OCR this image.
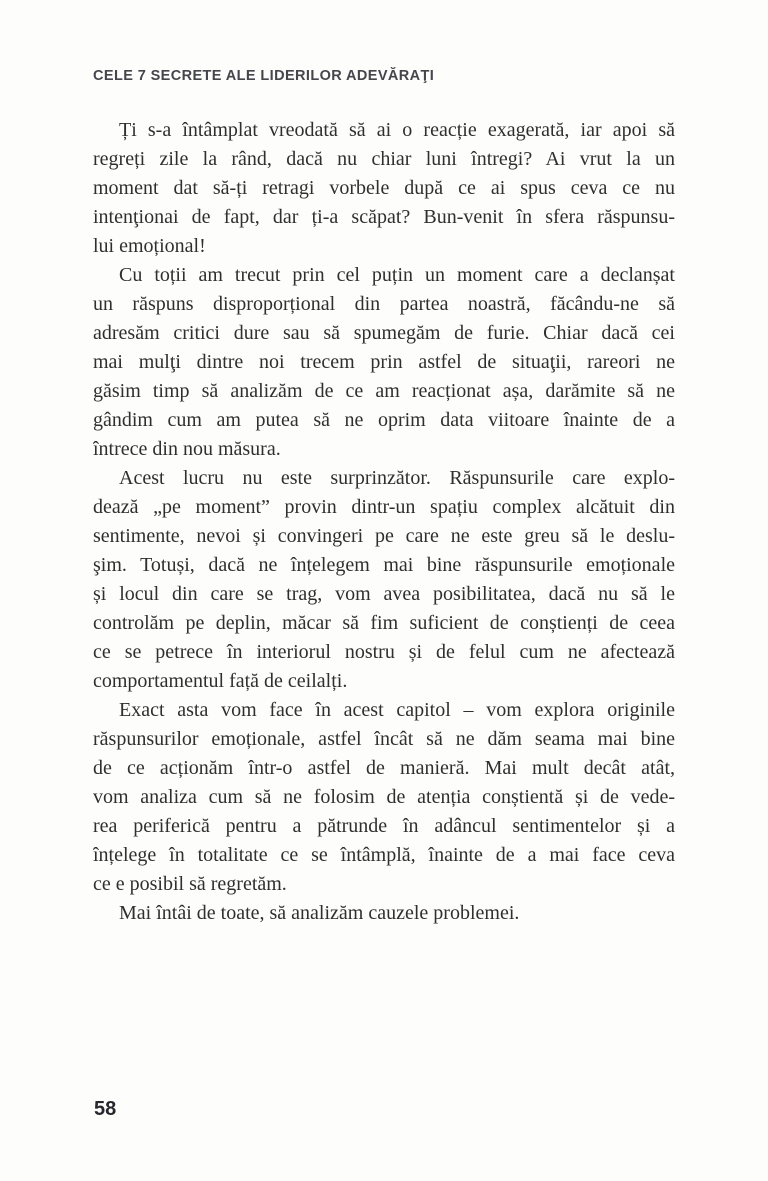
CELE 7 SECRETE ALE LIDERILOR ADEVĂRAŢI
Ți s-a întâmplat vreodată să ai o reacție exagerată, iar apoi să
regreți zile la rând, dacă nu chiar luni întregi? Ai vrut la un
moment dat să-ți retragi vorbele după ce ai spus ceva ce nu
intenţionai de fapt, dar ți-a scăpat? Bun-venit în sfera răspunsu-
lui emoțional!
Cu toții am trecut prin cel puțin un moment care a declanșat
un răspuns disproporțional din partea noastră, făcându-ne să
adresăm critici dure sau să spumegăm de furie. Chiar dacă cei
mai mulţi dintre noi trecem prin astfel de situaţii, rareori ne
găsim timp să analizăm de ce am reacționat așa, darămite să ne
gândim cum am putea să ne oprim data viitoare înainte de a
întrece din nou măsura.
Acest lucru nu este surprinzător. Răspunsurile care explo-
dează „pe moment” provin dintr-un spațiu complex alcătuit din
sentimente, nevoi și convingeri pe care ne este greu să le deslu-
şim. Totuși, dacă ne înțelegem mai bine răspunsurile emoționale
și locul din care se trag, vom avea posibilitatea, dacă nu să le
controlăm pe deplin, măcar să fim suficient de conștienți de ceea
ce se petrece în interiorul nostru și de felul cum ne afectează
comportamentul față de ceilalți.
Exact asta vom face în acest capitol – vom explora originile
răspunsurilor emoționale, astfel încât să ne dăm seama mai bine
de ce acționăm într-o astfel de manieră. Mai mult decât atât,
vom analiza cum să ne folosim de atenția conștientă și de vede-
rea periferică pentru a pătrunde în adâncul sentimentelor și a
înțelege în totalitate ce se întâmplă, înainte de a mai face ceva
ce e posibil să regretăm.
Mai întâi de toate, să analizăm cauzele problemei.
58
